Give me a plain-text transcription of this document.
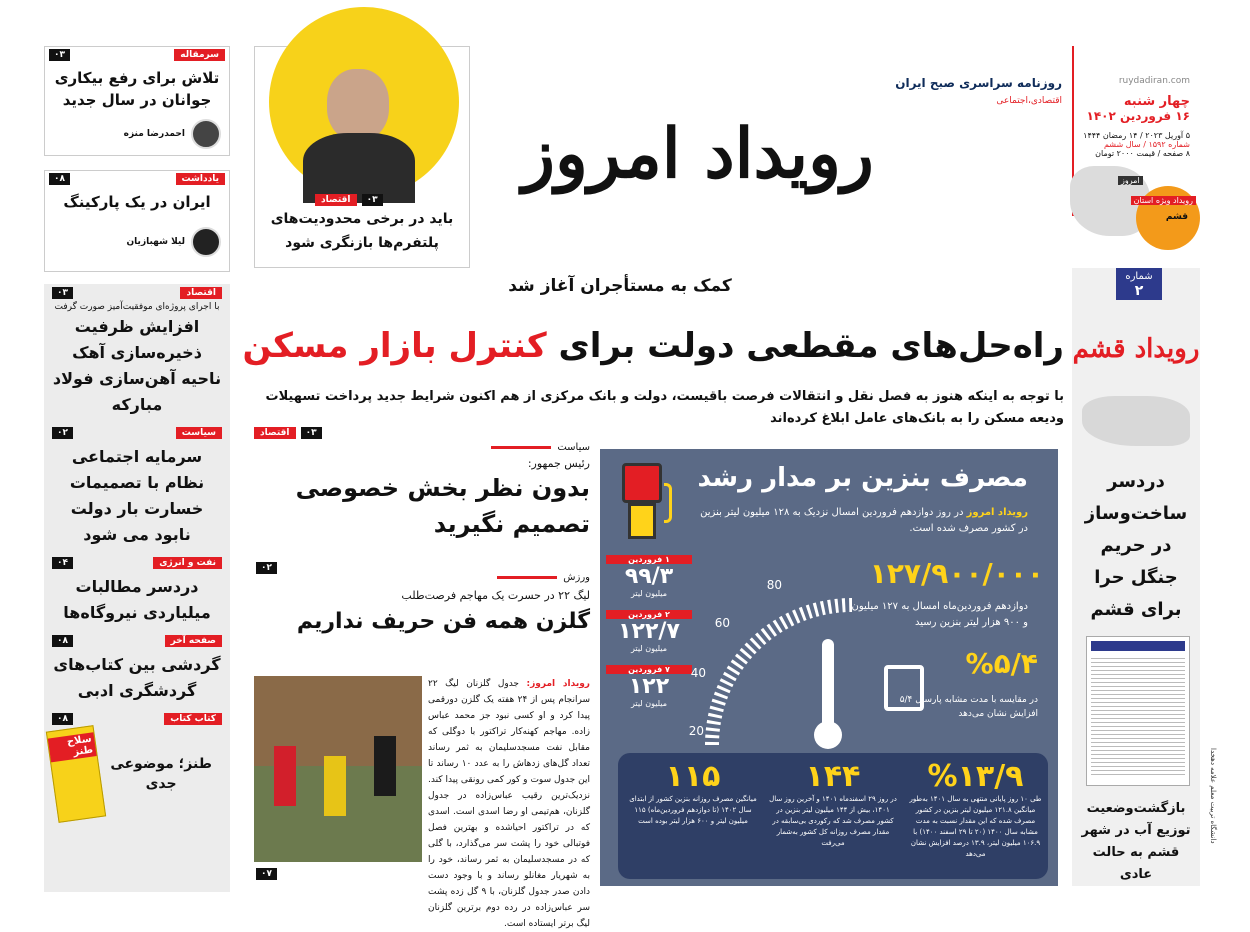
سرمقاله
۰۳
تلاش برای رفع بیکاری جوانان در سال جدید
احمدرضا منزه
یادداشت
۰۸
ایران در یک پارکینگ
لیلا شهبازیان
اقتصاد
۰۳
با اجرای پروژه‌ای موفقیت‌آمیز صورت گرفت
افزایش ظرفیت ذخیره‌سازی آهک ناحیه آهن‌سازی فولاد مبارکه
سیاست
۰۲
سرمایه اجتماعی نظام با تصمیمات خسارت بار دولت نابود می شود
نفت و انرژی
۰۴
دردسر مطالبات میلیاردی نیروگاه‌ها
صفحه آخر
۰۸
گردشی بین کتاب‌های گردشگری ادبی
کتاب کتاب
۰۸
طنز؛ موضوعی جدی
سلاح طنز
۰۳ اقتصاد
باید در برخی محدودیت‌های پلتفرم‌ها بازنگری شود
رویداد امروز
روزنامه سراسری صبح ایران
اقتصادی،اجتماعی
ruydadiran.com
چهار شنبه
۱۶ فروردین ۱۴۰۲
۵ آوریل ۲۰۲۳ / ۱۴ رمضان ۱۴۴۴
شماره ۱۵۹۲ / سال ششم
۸ صفحه / قیمت ۲۰۰۰ تومان
امروز
رویداد ویژه استان
قشم
کمک به مستأجران آغاز شد
راه‌حل‌های مقطعی دولت برای کنترل بازار مسکن
با توجه به اینکه هنوز به فصل نقل و انتقالات فرصت باقیست، دولت و بانک مرکزی از هم اکنون شرایط جدید پرداخت تسهیلات ودیعه مسکن را به بانک‌های عامل ابلاغ کرده‌اند
۰۳ اقتصاد
سیاست
رئیس جمهور:
بدون نظر بخش خصوصی تصمیم نگیرید
۰۲
ورزش
لیگ ۲۲ در حسرت یک مهاجم فرصت‌طلب
گلزن همه فن حریف نداریم
رویداد امروز: جدول گلزنان لیگ ۲۲ سرانجام پس از ۲۴ هفته یک گلزن دورقمی پیدا کرد و او کسی نبود جز محمد عباس زاده. مهاجم کهنه‌کار تراکتور با دوگلی که مقابل نفت مسجدسلیمان به ثمر رساند تعداد گل‌های زدهاش را به عدد ۱۰ رساند تا این جدول سوت و کور کمی رونقی پیدا کند. نزدیک‌ترین رقیب عباس‌زاده در جدول گلزنان، هم‌تیمی او رضا اسدی است. اسدی که در تراکتور احیاشده و بهترین فصل فوتبالی خود را پشت سر می‌گذارد، با گلی که در مسجدسلیمان به ثمر رساند، خود را به شهریار مغانلو رساند و با وجود دست دادن صدر جدول گلزنان، با ۹ گل زده پشت سر عباس‌زاده در رده دوم برترین گلزنان لیگ برتر ایستاده است.
۰۷
مصرف بنزین بر مدار رشد
رویداد امروز در روز دوازدهم فروردین امسال نزدیک به ۱۲۸ میلیون لیتر بنزین در کشور مصرف شده است.
۱ فروردین
۹۹/۳
میلیون لیتر
۲ فروردین
۱۲۲/۷
میلیون لیتر
۷ فروردین
۱۲۲
میلیون لیتر
20
40
60
80	۱۲۷/۹۰۰/۰۰۰
دوازدهم فروردین‌ماه امسال به ۱۲۷ میلیون و ۹۰۰ هزار لیتر بنزین رسید
%۵/۴
در مقایسه با مدت مشابه پارسال ۵/۴ افزایش نشان می‌دهد
%۱۳/۹
طی ۱۰ روز پایانی منتهی به سال ۱۴۰۱ به‌طور میانگین ۱۲۱.۸ میلیون لیتر بنزین در کشور مصرف شده که این مقدار نسبت به مدت مشابه سال ۱۴۰۰ (۲۰ تا ۲۹ اسفند ۱۴۰۰) با ۱۰۶.۹ میلیون لیتر، ۱۳.۹ درصد افزایش نشان می‌دهد
۱۴۴
در روز ۲۹ اسفندماه ۱۴۰۱ و آخرین روز سال ۱۴۰۱، بیش از ۱۴۴ میلیون لیتر بنزین در کشور مصرف شد که رکوردی بی‌سابقه در مقدار مصرف روزانه کل کشور به‌شمار می‌رفت
۱۱۵
میانگین مصرف روزانه بنزین کشور از ابتدای سال ۱۴۰۲ (تا دوازدهم فروردین‌ماه) ۱۱۵ میلیون لیتر و ۶۰۰ هزار لیتر بوده است
شماره
۲
رویداد قشم
دردسر ساخت‌وساز در حریم جنگل حرا برای قشم
بازگشت‌وضعیت توزیع آب در شهر قشم به حالت عادی
دانشگاه تربیت معلم علامه دهخدا
